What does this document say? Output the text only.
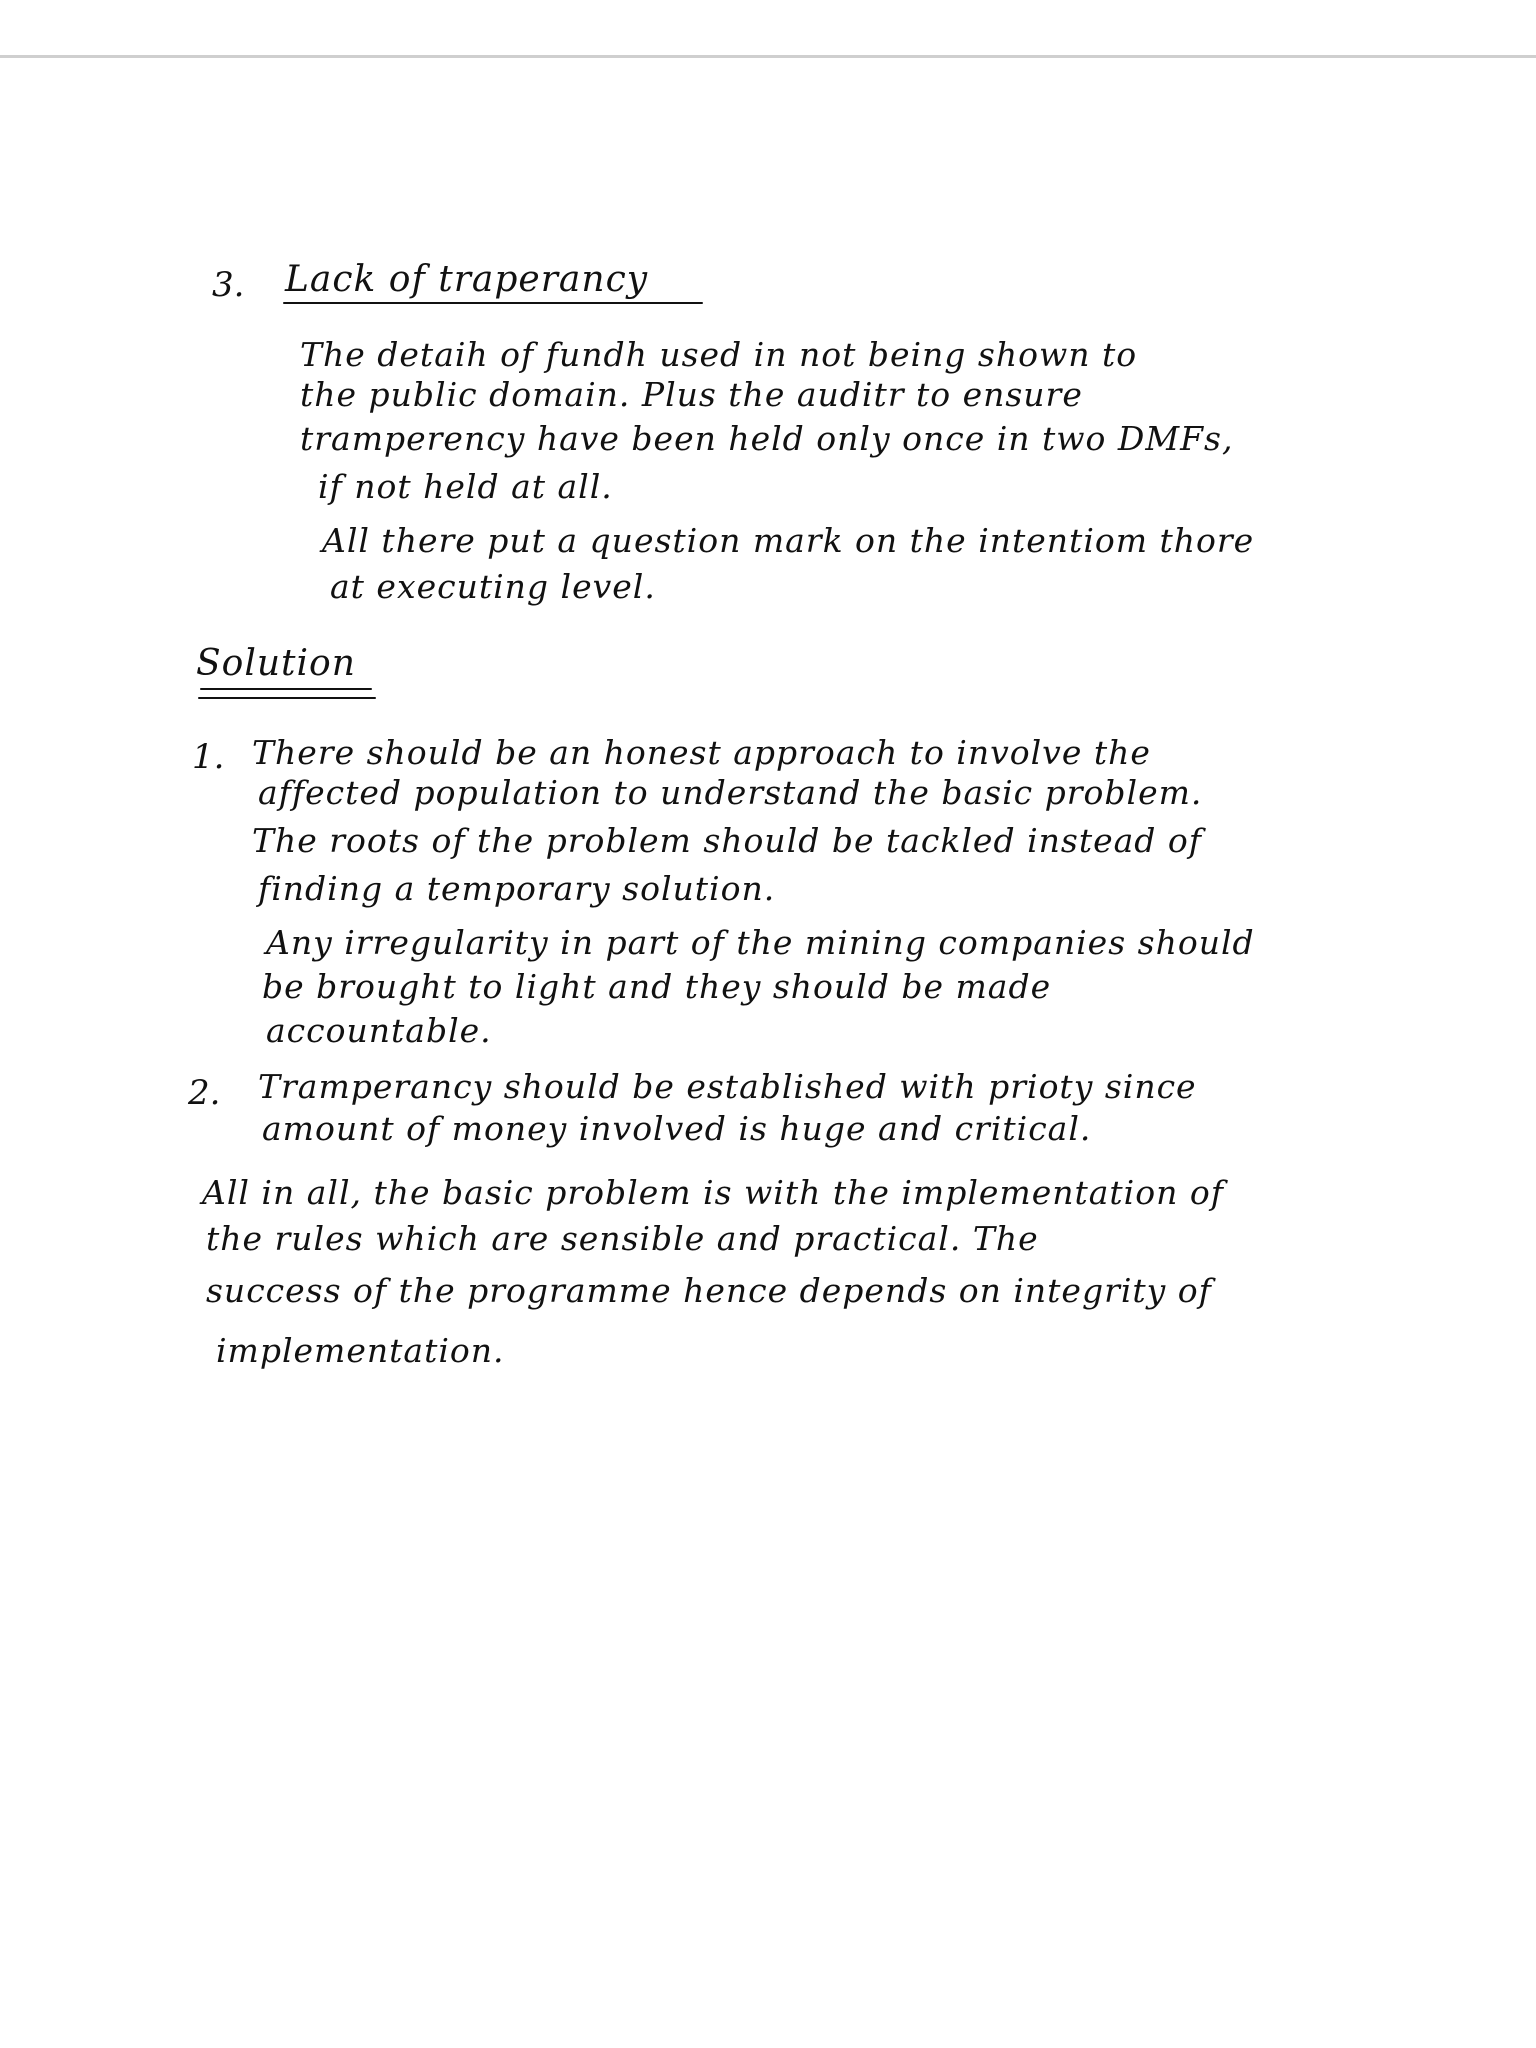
3. Lack of traperancy
The detaih of fundh used in not being shown to
the public domain. Plus the auditr to ensure
tramperency have been held only once in two DMFs,
if not held at all.
All there put a question mark on the intentiom thore
at executing level.
Solution
1. There should be an honest approach to involve the
affected population to understand the basic problem.
The roots of the problem should be tackled instead of
finding a temporary solution.
Any irregularity in part of the mining companies should
be brought to light and they should be made
accountable.
2. Tramperancy should be established with prioty since
amount of money involved is huge and critical.
All in all, the basic problem is with the implementation of
the rules which are sensible and practical. The
success of the programme hence depends on integrity of
implementation.
